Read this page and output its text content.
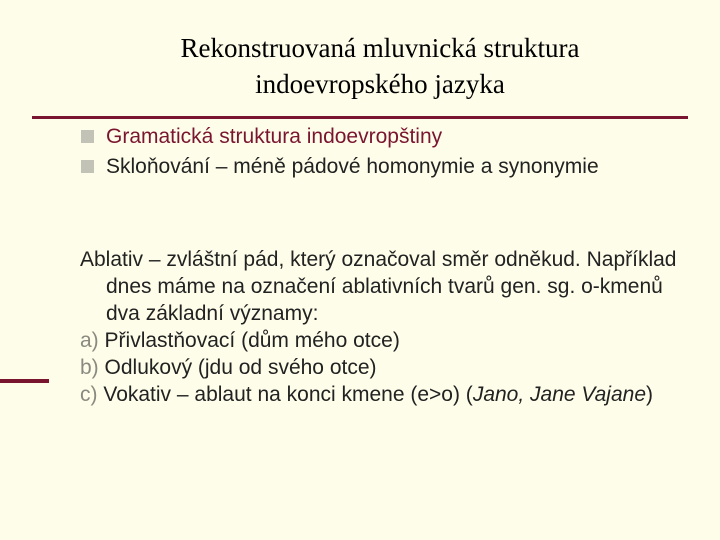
Rekonstruovaná mluvnická struktura
indoevropského jazyka
Gramatická struktura indoevropštiny
Skloňování – méně pádové homonymie a synonymie

Ablativ – zvláštní pád, který označoval směr odněkud. Například dnes máme na označení ablativních tvarů gen. sg. o-kmenů dva základní významy:

a) Přivlastňovací (dům mého otce)

b) Odlukový (jdu od svého otce)

c) Vokativ – ablaut na konci kmene (e>o) (Jano, Jane Vajane)
